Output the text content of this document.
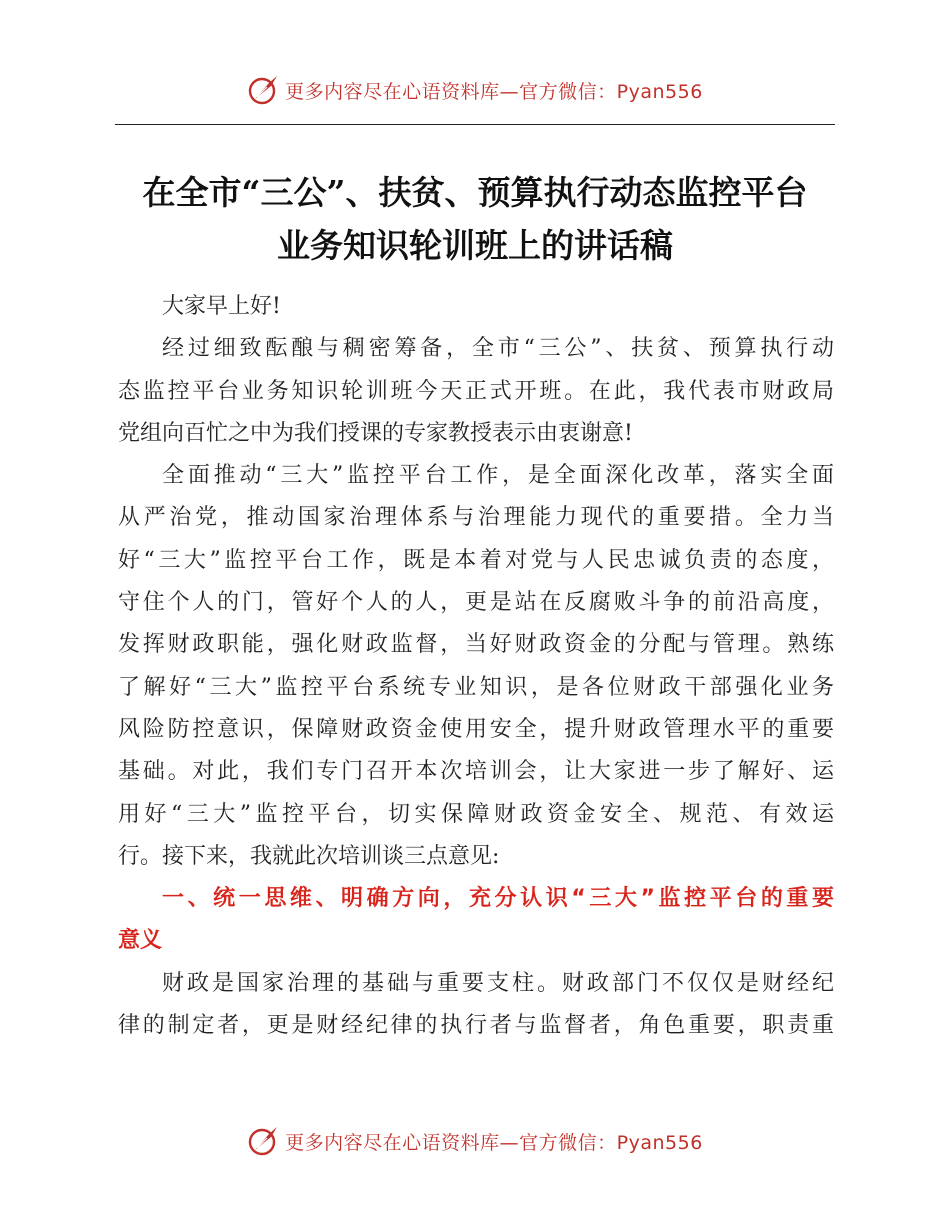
更多内容尽在心语资料库—官方微信：Pyan556
在全市“三公”、扶贫、预算执行动态监控平台
业务知识轮训班上的讲话稿

大家早上好!

经过细致酝酿与稠密筹备，全市“三公”、扶贫、预算执行动
态监控平台业务知识轮训班今天正式开班。在此，我代表市财政局
党组向百忙之中为我们授课的专家教授表示由衷谢意!

全面推动“三大”监控平台工作，是全面深化改革，落实全面
从严治党，推动国家治理体系与治理能力现代的重要措。全力当
好“三大”监控平台工作，既是本着对党与人民忠诚负责的态度，
守住个人的门，管好个人的人，更是站在反腐败斗争的前沿高度，
发挥财政职能，强化财政监督，当好财政资金的分配与管理。熟练
了解好“三大”监控平台系统专业知识，是各位财政干部强化业务
风险防控意识，保障财政资金使用安全，提升财政管理水平的重要
基础。对此，我们专门召开本次培训会，让大家进一步了解好、运
用好“三大”监控平台，切实保障财政资金安全、规范、有效运
行。接下来，我就此次培训谈三点意见:

一、统一思维、明确方向，充分认识“三大”监控平台的重要
意义

财政是国家治理的基础与重要支柱。财政部门不仅仅是财经纪
律的制定者，更是财经纪律的执行者与监督者，角色重要，职责重

更多内容尽在心语资料库—官方微信：Pyan556
